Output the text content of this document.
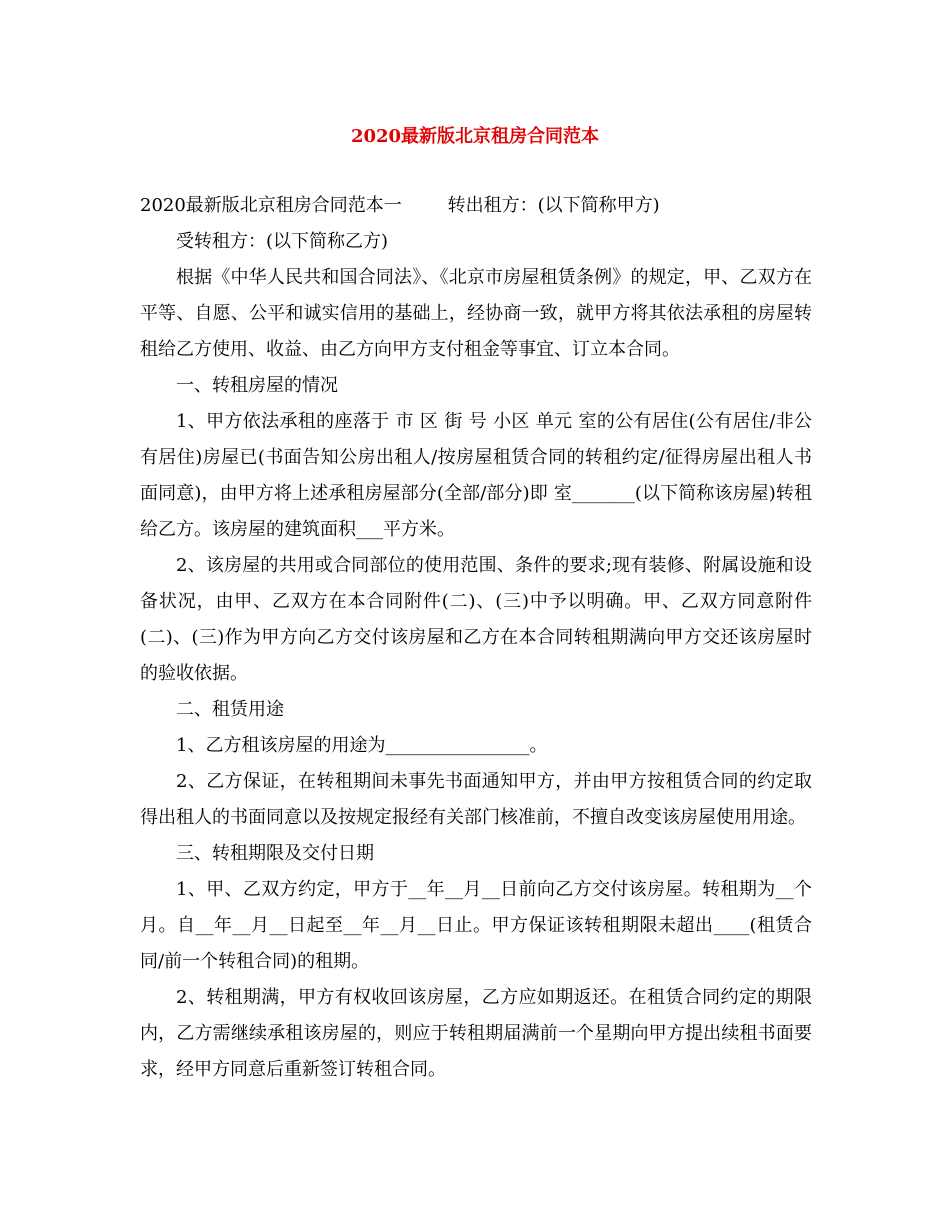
2020最新版北京租房合同范本

2020最新版北京租房合同范本一        转出租方：(以下简称甲方)

受转租方：(以下简称乙方)

根据《中华人民共和国合同法》、《北京市房屋租赁条例》的规定，甲、乙双方在平等、自愿、公平和诚实信用的基础上，经协商一致，就甲方将其依法承租的房屋转租给乙方使用、收益、由乙方向甲方支付租金等事宜、订立本合同。

一、转租房屋的情况

1、甲方依法承租的座落于 市 区 街 号 小区 单元 室的公有居住(公有居住/非公有居住)房屋已(书面告知公房出租人/按房屋租赁合同的转租约定/征得房屋出租人书面同意)，由甲方将上述承租房屋部分(全部/部分)即 室_______(以下简称该房屋)转租给乙方。该房屋的建筑面积___平方米。

2、该房屋的共用或合同部位的使用范围、条件的要求;现有装修、附属设施和设备状况，由甲、乙双方在本合同附件(二)、(三)中予以明确。甲、乙双方同意附件(二)、(三)作为甲方向乙方交付该房屋和乙方在本合同转租期满向甲方交还该房屋时的验收依据。

二、租赁用途

1、乙方租该房屋的用途为________________。

2、乙方保证，在转租期间未事先书面通知甲方，并由甲方按租赁合同的约定取得出租人的书面同意以及按规定报经有关部门核准前，不擅自改变该房屋使用用途。

三、转租期限及交付日期

1、甲、乙双方约定，甲方于__年__月__日前向乙方交付该房屋。转租期为__个月。自__年__月__日起至__年__月__日止。甲方保证该转租期限未超出____(租赁合同/前一个转租合同)的租期。

2、转租期满，甲方有权收回该房屋，乙方应如期返还。在租赁合同约定的期限内，乙方需继续承租该房屋的，则应于转租期届满前一个星期向甲方提出续租书面要求，经甲方同意后重新签订转租合同。
